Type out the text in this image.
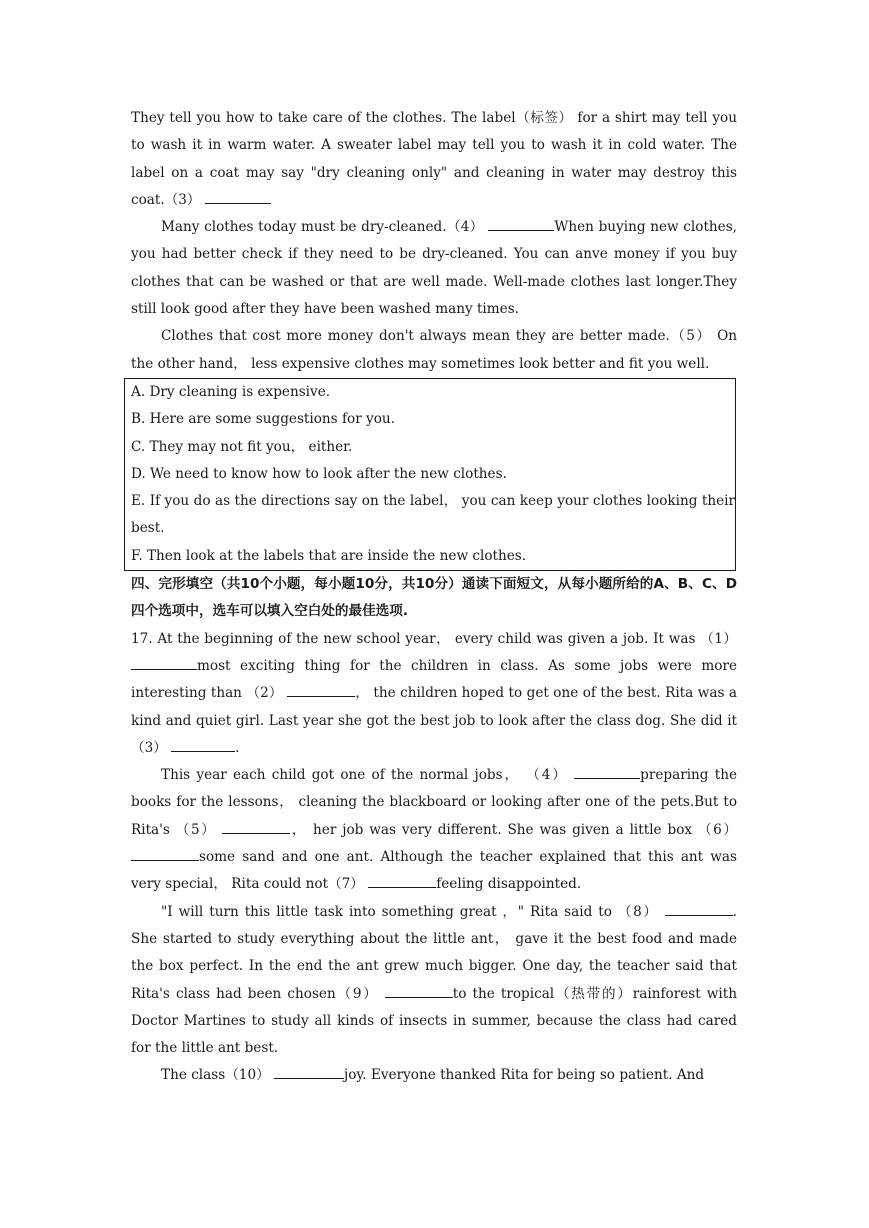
They tell you how to take care of the clothes. The label（标签） for a shirt may tell you to wash it in warm water. A sweater label may tell you to wash it in cold water. The label on a coat may say "dry cleaning only" and cleaning in water may destroy this coat.（3）

Many clothes today must be dry-cleaned.（4）	When buying new clothes, you had better check if they need to be dry-cleaned. You can anve money if you buy clothes that can be washed or that are well made. Well-made clothes last longer.They still look good after they have been washed many times.

Clothes that cost more money don't always mean they are better made.（5） On the other hand， less expensive clothes may sometimes look better and fit you well.

A. Dry cleaning is expensive.

B. Here are some suggestions for you.

C. They may not fit you， either.

D. We need to know how to look after the new clothes.

E. If you do as the directions say on the label， you can keep your clothes looking their best.

F. Then look at the labels that are inside the new clothes.

四、完形填空（共10个小题，每小题10分，共10分）通读下面短文，从每小题所给的A、B、C、D四个选项中，选车可以填入空白处的最佳选项.

17. At the beginning of the new school year， every child was given a job. It was （1） most exciting thing for the children in class. As some jobs were more interesting than （2）	， the children hoped to get one of the best. Rita was a kind and quiet girl. Last year she got the best job to look after the class dog. She did it （3）	.

This year each child got one of the normal jobs， （4）	preparing the books for the lessons， cleaning the blackboard or looking after one of the pets.But to Rita's （5）	， her job was very different. She was given a little box （6） some sand and one ant. Although the teacher explained that this ant was very special， Rita could not（7）	feeling disappointed.

"I will turn this little task into something great ，" Rita said to （8）	. She started to study everything about the little ant， gave it the best food and made the box perfect. In the end the ant grew much bigger. One day, the teacher said that Rita's class had been chosen（9）	to the tropical（热带的）rainforest with Doctor Martines to study all kinds of insects in summer, because the class had cared for the little ant best.

The class（10）	joy. Everyone thanked Rita for being so patient. And
